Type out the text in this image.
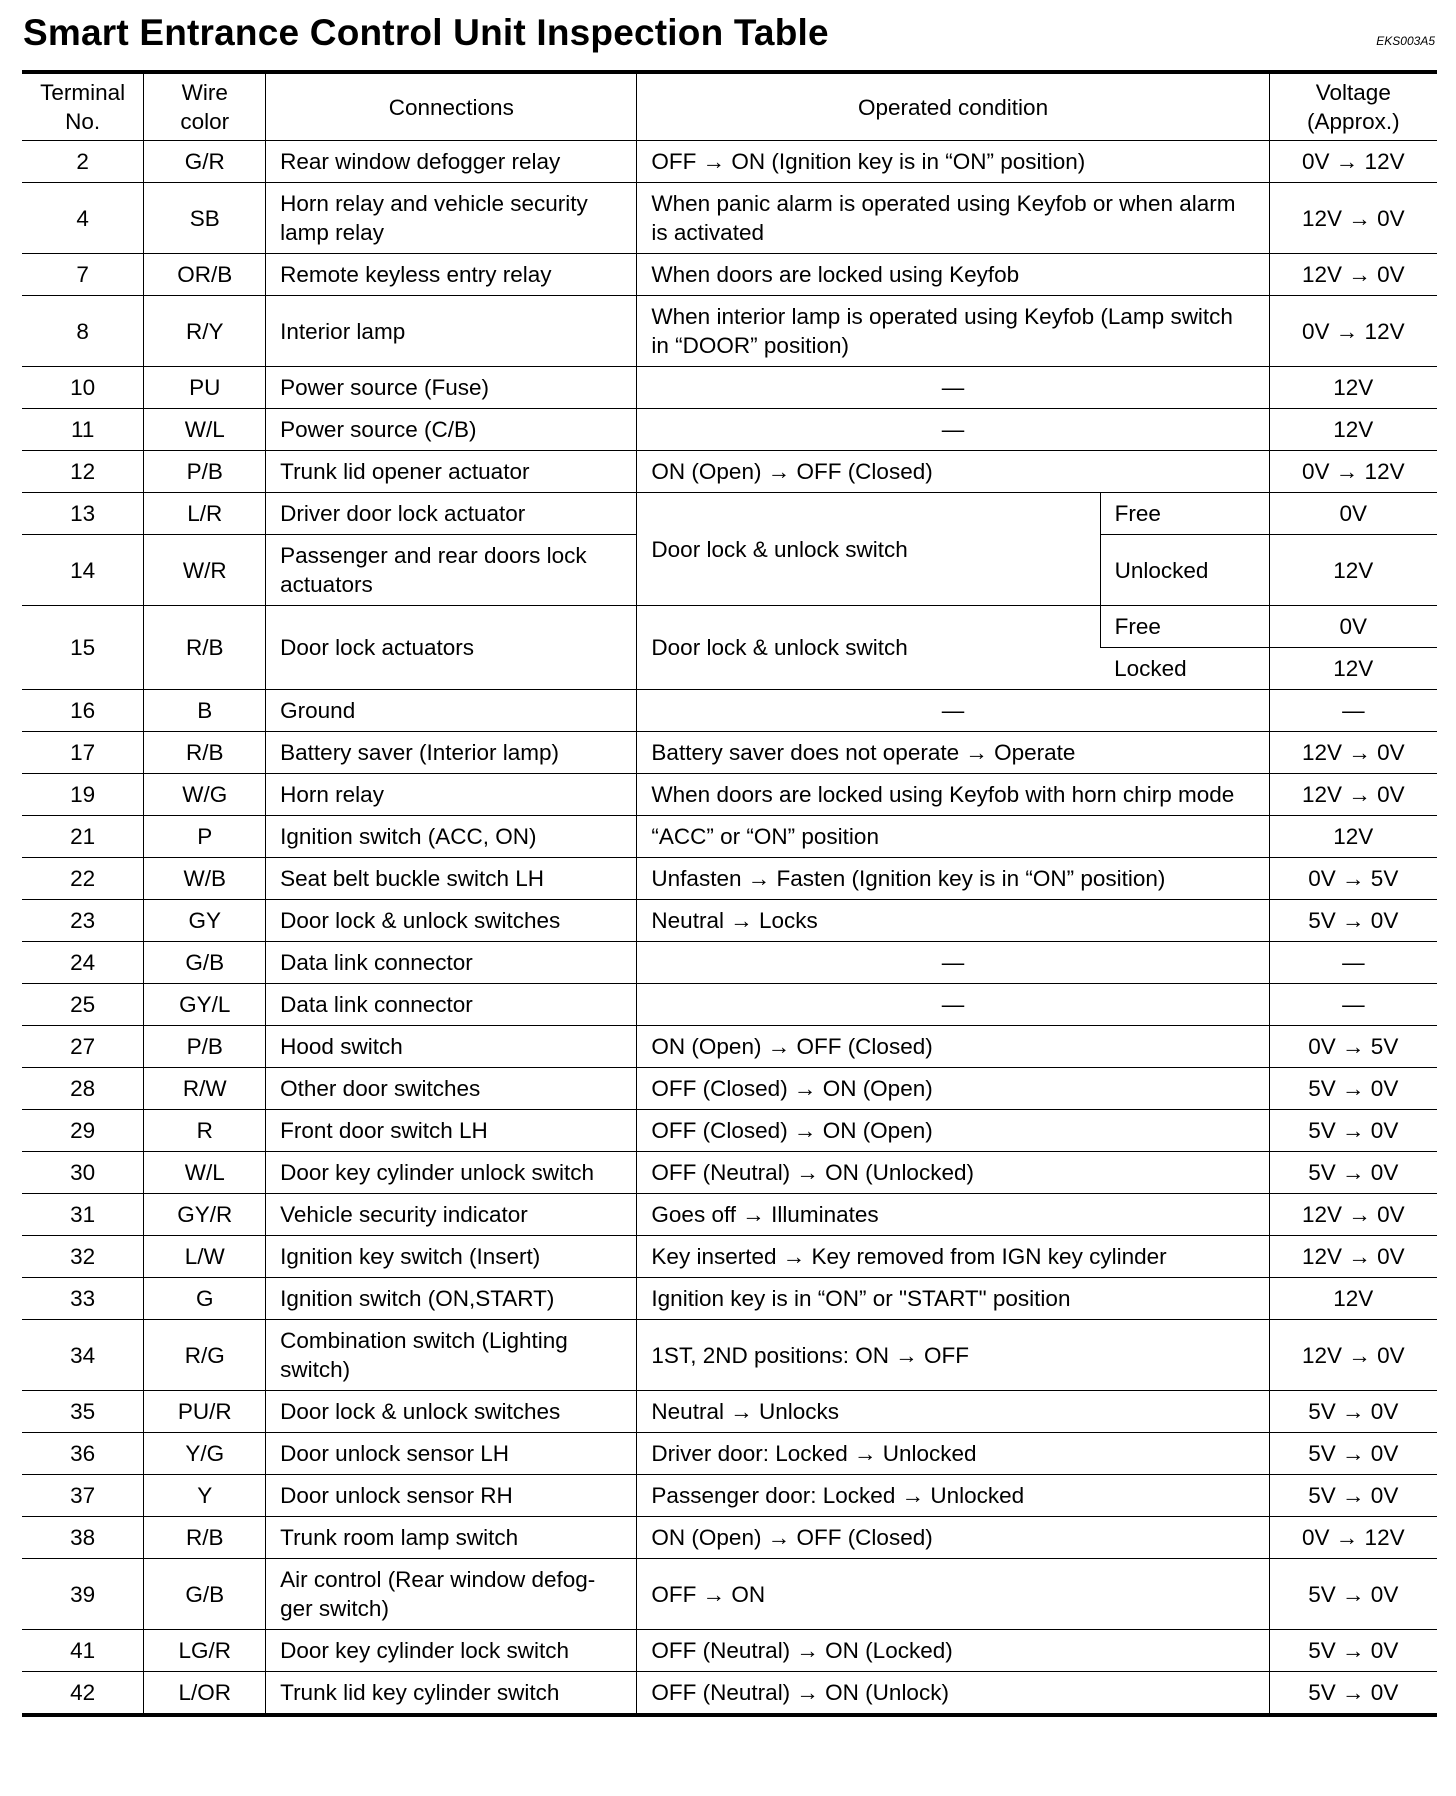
Smart Entrance Control Unit Inspection Table	EKS003A5
Terminal No.	Wire color	Connections	Operated condition		Voltage (Approx.)
2	G/R	Rear window defogger relay	OFF → ON (Ignition key is in “ON” position)		0V → 12V
4	SB	Horn relay and vehicle security lamp relay	When panic alarm is operated using Keyfob or when alarm is activated		12V → 0V
7	OR/B	Remote keyless entry relay	When doors are locked using Keyfob		12V → 0V
8	R/Y	Interior lamp	When interior lamp is operated using Keyfob (Lamp switch in “DOOR” position)		0V → 12V
10	PU	Power source (Fuse)	—		12V
11	W/L	Power source (C/B)	—		12V
12	P/B	Trunk lid opener actuator	ON (Open) → OFF (Closed)		0V → 12V
13	L/R	Driver door lock actuator	Door lock & unlock switch	Free	0V
14	W/R	Passenger and rear doors lock actuators		Unlocked	12V
15	R/B	Door lock actuators	Door lock & unlock switch	Free	0V
				Locked	12V
16	B	Ground	—		—
17	R/B	Battery saver (Interior lamp)	Battery saver does not operate → Operate		12V → 0V
19	W/G	Horn relay	When doors are locked using Keyfob with horn chirp mode		12V → 0V
21	P	Ignition switch (ACC, ON)	“ACC” or “ON” position		12V
22	W/B	Seat belt buckle switch LH	Unfasten → Fasten (Ignition key is in “ON” position)		0V → 5V
23	GY	Door lock & unlock switches	Neutral → Locks		5V → 0V
24	G/B	Data link connector	—		—
25	GY/L	Data link connector	—		—
27	P/B	Hood switch	ON (Open) → OFF (Closed)		0V → 5V
28	R/W	Other door switches	OFF (Closed) → ON (Open)		5V → 0V
29	R	Front door switch LH	OFF (Closed) → ON (Open)		5V → 0V
30	W/L	Door key cylinder unlock switch	OFF (Neutral) → ON (Unlocked)		5V → 0V
31	GY/R	Vehicle security indicator	Goes off → Illuminates		12V → 0V
32	L/W	Ignition key switch (Insert)	Key inserted → Key removed from IGN key cylinder		12V → 0V
33	G	Ignition switch (ON,START)	Ignition key is in “ON” or "START" position		12V
34	R/G	Combination switch (Lighting switch)	1ST, 2ND positions: ON → OFF		12V → 0V
35	PU/R	Door lock & unlock switches	Neutral → Unlocks		5V → 0V
36	Y/G	Door unlock sensor LH	Driver door: Locked → Unlocked		5V → 0V
37	Y	Door unlock sensor RH	Passenger door: Locked → Unlocked		5V → 0V
38	R/B	Trunk room lamp switch	ON (Open) → OFF (Closed)		0V → 12V
39	G/B	Air control (Rear window defog- ger switch)	OFF → ON		5V → 0V
41	LG/R	Door key cylinder lock switch	OFF (Neutral) → ON (Locked)		5V → 0V
42	L/OR	Trunk lid key cylinder switch	OFF (Neutral) → ON (Unlock)		5V → 0V
